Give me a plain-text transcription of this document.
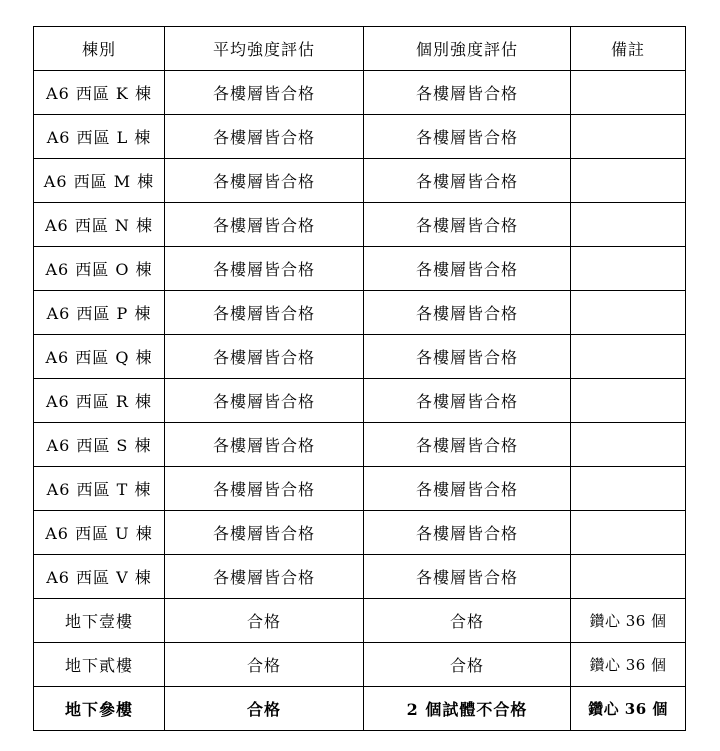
棟別	平均強度評估	個別強度評估	備註
A6 西區 K 棟	各樓層皆合格	各樓層皆合格	
A6 西區 L 棟	各樓層皆合格	各樓層皆合格	
A6 西區 M 棟	各樓層皆合格	各樓層皆合格	
A6 西區 N 棟	各樓層皆合格	各樓層皆合格	
A6 西區 O 棟	各樓層皆合格	各樓層皆合格	
A6 西區 P 棟	各樓層皆合格	各樓層皆合格	
A6 西區 Q 棟	各樓層皆合格	各樓層皆合格	
A6 西區 R 棟	各樓層皆合格	各樓層皆合格	
A6 西區 S 棟	各樓層皆合格	各樓層皆合格	
A6 西區 T 棟	各樓層皆合格	各樓層皆合格	
A6 西區 U 棟	各樓層皆合格	各樓層皆合格	
A6 西區 V 棟	各樓層皆合格	各樓層皆合格	
地下壹樓	合格	合格	鑽心 36 個
地下貳樓	合格	合格	鑽心 36 個
地下參樓	合格	2 個試體不合格	鑽心 36 個
